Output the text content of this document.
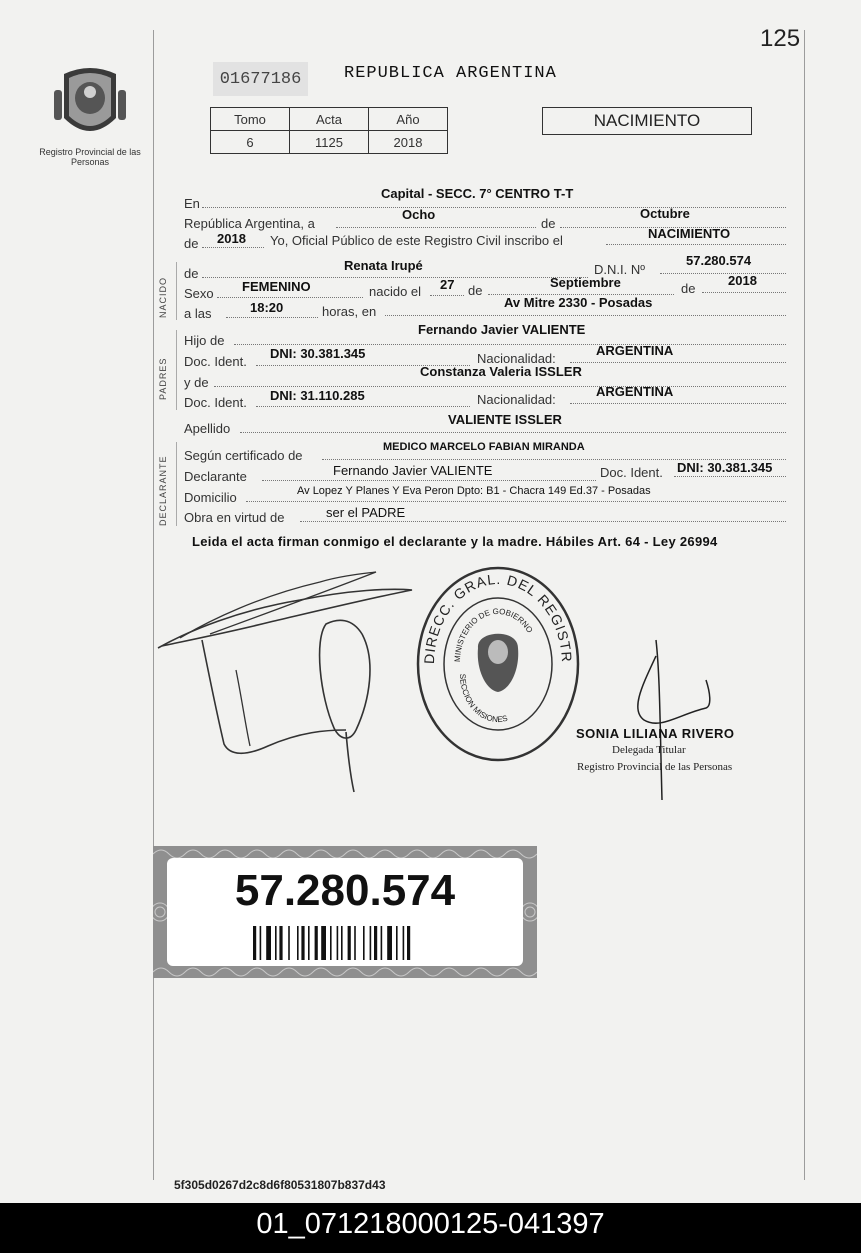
125
Registro Provincial de las Personas
01677186	REPUBLICA ARGENTINA
Tomo	Acta	Año
6	1125	2018
NACIMIENTO
En
Capital - SECC. 7° CENTRO T-T
República Argentina, a
Ocho
de
Octubre
de 2018 Yo, Oficial Público de este Registro Civil inscribo el	NACIMIENTO
NACIDO
de
Renata Irupé	D.N.I. Nº
57.280.574
Sexo FEMENINO	nacido el 27 de
Septiembre	de
2018
a las	18:20	horas, en
Av Mitre 2330 - Posadas
PADRES
Hijo de
Fernando Javier VALIENTE
Doc. Ident.
DNI: 30.381.345	Nacionalidad:
ARGENTINA
y de
Constanza Valeria ISSLER
Doc. Ident. DNI: 31.110.285	Nacionalidad:
ARGENTINA
Apellido
VALIENTE ISSLER
DECLARANTE Según certificado de
MEDICO MARCELO FABIAN MIRANDA
Declarante	Fernando Javier VALIENTE	Doc. Ident. DNI: 30.381.345
Domicilio	Av Lopez Y Planes Y Eva Peron Dpto: B1 - Chacra 149 Ed.37 - Posadas
Obra en virtud de	ser el PADRE
Leida el acta firman conmigo el declarante y la madre. Hábiles Art. 64 - Ley 26994
DIRECC. GRAL. DEL REGISTR
MINISTERIO DE GOBIERNO
SECCION MISIONES
SONIA LILIANA RIVERO
Delegada Titular
Registro Provincial de las Personas
57.280.574
5f305d0267d2c8d6f80531807b837d43
01_071218000125-041397
